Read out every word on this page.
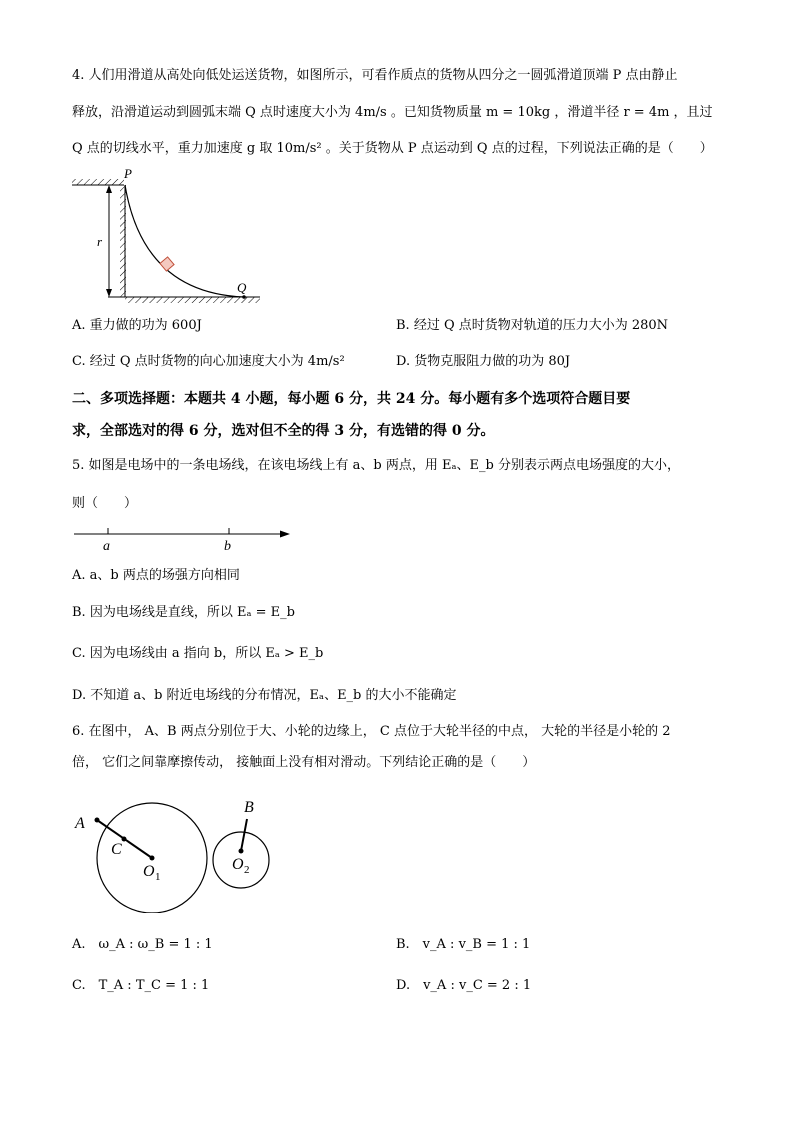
4. 人们用滑道从高处向低处运送货物，如图所示，可看作质点的货物从四分之一圆弧滑道顶端 P 点由静止
释放，沿滑道运动到圆弧末端 Q 点时速度大小为 4m/s 。已知货物质量 m = 10kg ，滑道半径 r = 4m ，且过
Q 点的切线水平，重力加速度 g 取 10m/s² 。关于货物从 P 点运动到 Q 点的过程，下列说法正确的是（　　）
r
P
Q
A. 重力做的功为 600J	B. 经过 Q 点时货物对轨道的压力大小为 280N
C. 经过 Q 点时货物的向心加速度大小为 4m/s²	D. 货物克服阻力做的功为 80J
二、多项选择题：本题共 4 小题，每小题 6 分，共 24 分。每小题有多个选项符合题目要
求，全部选对的得 6 分，选对但不全的得 3 分，有选错的得 0 分。
5. 如图是电场中的一条电场线，在该电场线上有 a、b 两点，用 Eₐ、E_b 分别表示两点电场强度的大小，
则（　　）
a	b
A. a、b 两点的场强方向相同
B. 因为电场线是直线，所以 Eₐ = E_b
C. 因为电场线由 a 指向 b，所以 Eₐ > E_b
D. 不知道 a、b 附近电场线的分布情况，Eₐ、E_b 的大小不能确定
6. 在图中， A、B 两点分别位于大、小轮的边缘上， C 点位于大轮半径的中点， 大轮的半径是小轮的 2
倍， 它们之间靠摩擦传动， 接触面上没有相对滑动。下列结论正确的是（　　）
A
C
B
O 1
O 2
A.　ω_A : ω_B = 1 : 1	B.　v_A : v_B = 1 : 1
C.　T_A : T_C = 1 : 1	D.　v_A : v_C = 2 : 1
